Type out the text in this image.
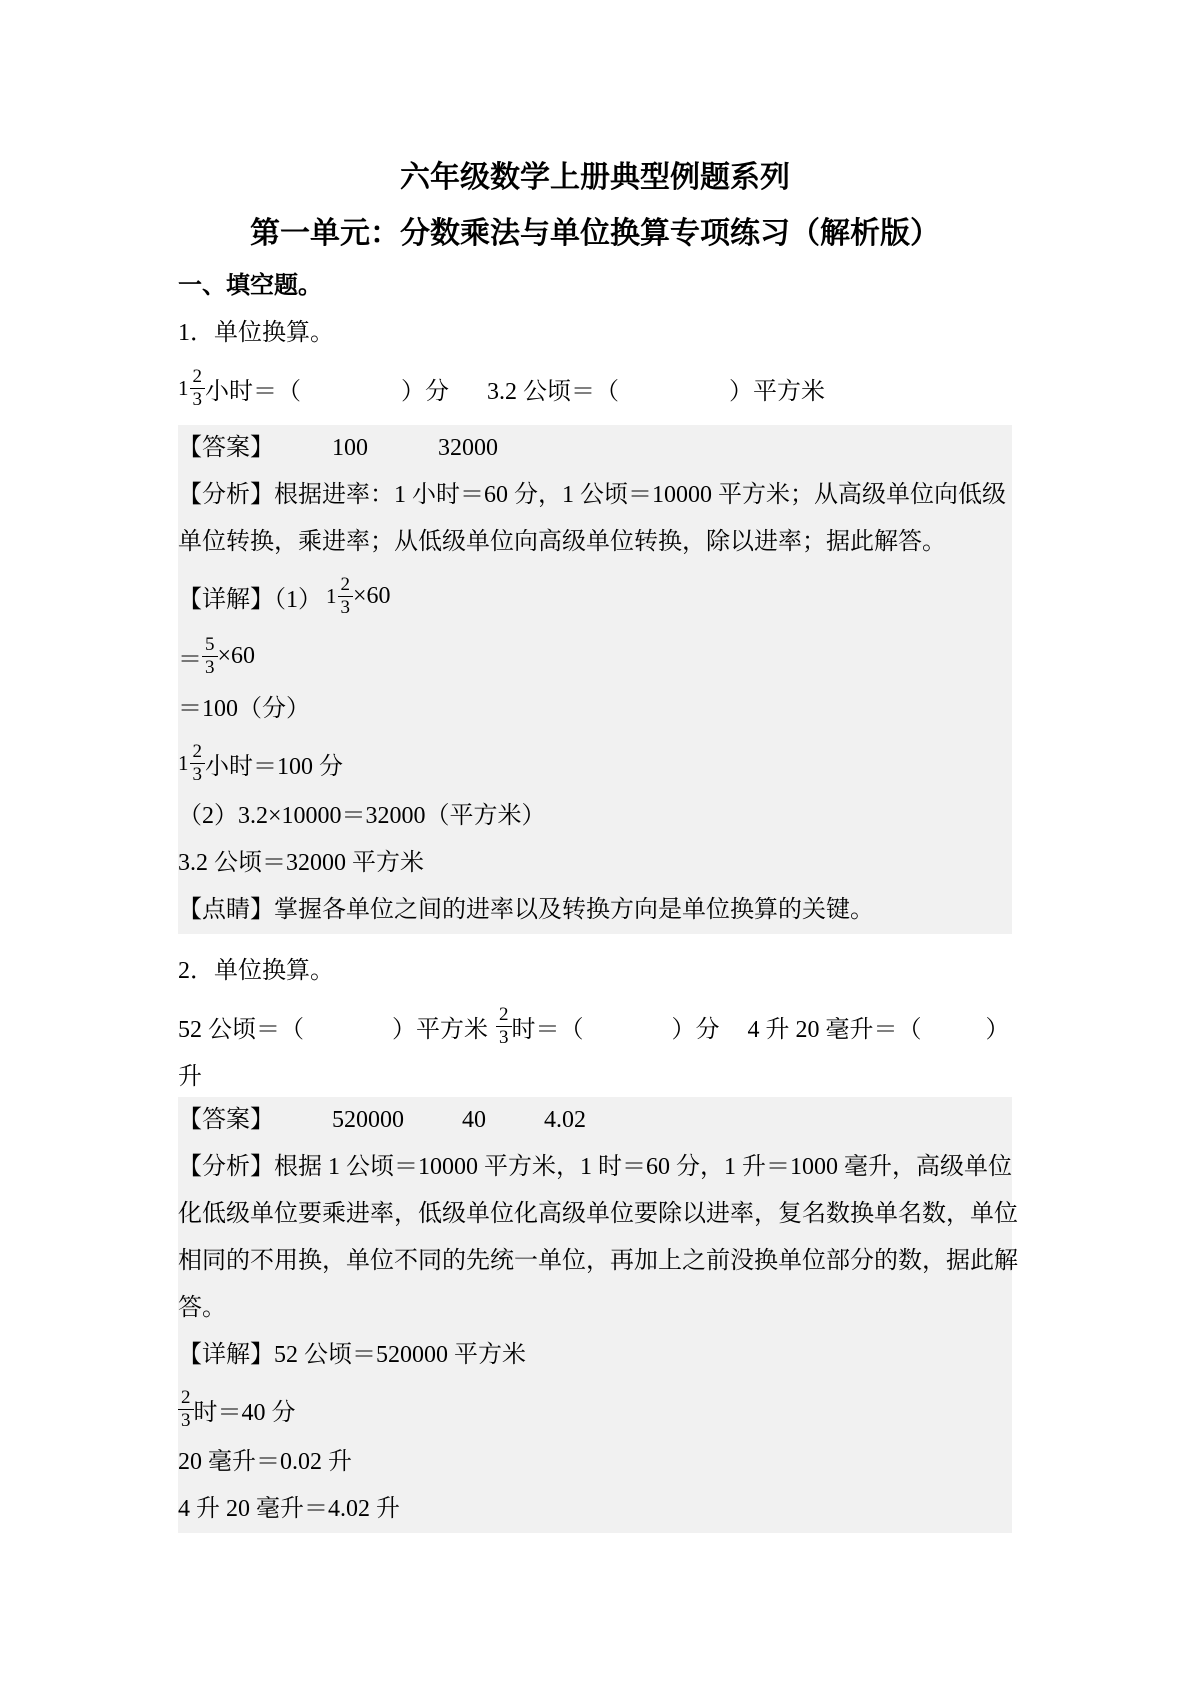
六年级数学上册典型例题系列
第一单元：分数乘法与单位换算专项练习（解析版）
一、填空题。
1．单位换算。
$1 \frac{2}{3}$ 小时＝（	）分 3.2 公顷＝（	）平方米
【答案】 100	32000
【分析】根据进率：1 小时＝60 分，1 公顷＝10000 平方米；从高级单位向低级
单位转换，乘进率；从低级单位向高级单位转换，除以进率；据此解答。
【详解】（1） $1 \frac{2}{3} \times 60$
＝ $\frac{5}{3} \times 60$
＝100（分）
$1 \frac{2}{3}$ 小时＝100 分
（2）3.2×10000＝32000（平方米）
3.2 公顷＝32000 平方米
【点睛】掌握各单位之间的进率以及转换方向是单位换算的关键。
2．单位换算。
52 公顷＝（	）平方米 $\frac{2}{3}$ 时＝（	）分 4 升 20 毫升＝（	）
升
【答案】 520000 40 4.02
【分析】根据 1 公顷＝10000 平方米，1 时＝60 分，1 升＝1000 毫升，高级单位
化低级单位要乘进率，低级单位化高级单位要除以进率，复名数换单名数，单位
相同的不用换，单位不同的先统一单位，再加上之前没换单位部分的数，据此解
答。
【详解】52 公顷＝520000 平方米
$\frac{2}{3}$ 时＝40 分
20 毫升＝0.02 升
4 升 20 毫升＝4.02 升
